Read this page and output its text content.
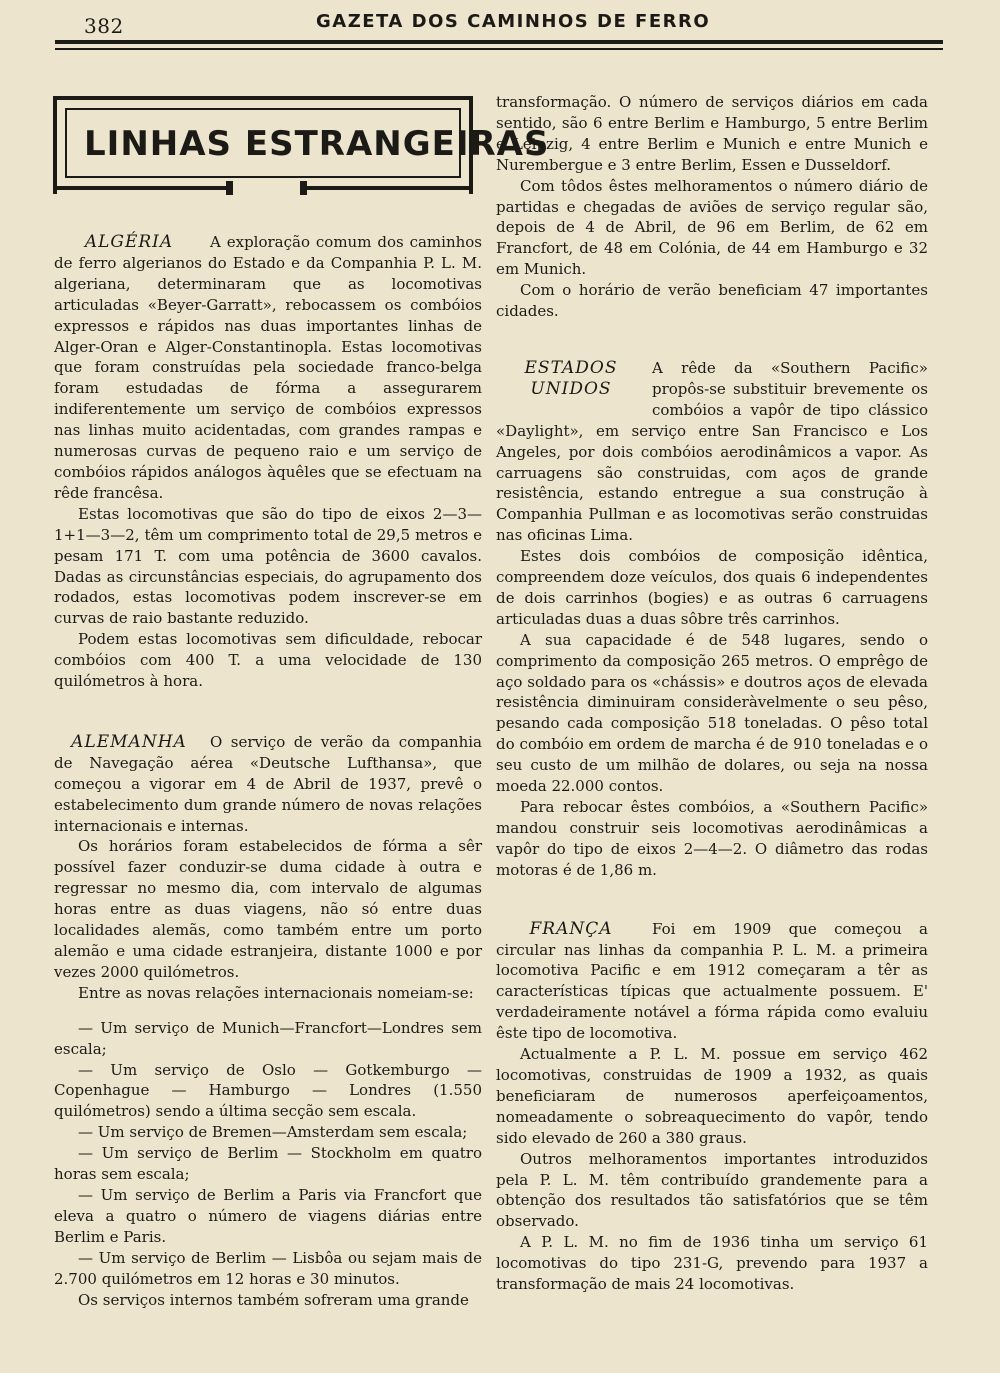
382	GAZETA DOS CAMINHOS DE FERRO
LINHAS ESTRANGEIRAS
ALGÉRIA	A exploração comum dos caminhos de ferro algerianos do Estado e da Companhia P. L. M. algeriana, determinaram que as locomotivas articuladas «Beyer-Garratt», rebocassem os combóios expressos e rápidos nas duas importantes linhas de Alger-Oran e Alger-Constantinopla. Estas locomotivas que foram construídas pela sociedade franco-belga foram estudadas de fórma a assegurarem indiferentemente um serviço de combóios expressos nas linhas muito acidentadas, com grandes rampas e numerosas curvas de pequeno raio e um serviço de combóios rápidos análogos àquêles que se efectuam na rêde francêsa.

Estas locomotivas que são do tipo de eixos 2—3—1+1—3—2, têm um comprimento total de 29,5 metros e pesam 171 T. com uma potência de 3600 cavalos. Dadas as circunstâncias especiais, do agrupamento dos rodados, estas locomotivas podem inscrever-se em curvas de raio bastante reduzido.

Podem estas locomotivas sem dificuldade, rebocar combóios com 400 T. a uma velocidade de 130 quilómetros à hora.

ALEMANHA	O serviço de verão da companhia de Navegação aérea «Deutsche Lufthansa», que começou a vigorar em 4 de Abril de 1937, prevê o estabelecimento dum grande número de novas relações internacionais e internas.

Os horários foram estabelecidos de fórma a sêr possível fazer conduzir-se duma cidade à outra e regressar no mesmo dia, com intervalo de algumas horas entre as duas viagens, não só entre duas localidades alemãs, como também entre um porto alemão e uma cidade estranjeira, distante 1000 e por vezes 2000 quilómetros.

Entre as novas relações internacionais nomeiam-se:

— Um serviço de Munich—Francfort—Londres sem escala;

— Um serviço de Oslo — Gotkemburgo — Copenhague — Hamburgo — Londres (1.550 quilómetros) sendo a última secção sem escala.

— Um serviço de Bremen—Amsterdam sem escala;

— Um serviço de Berlim — Stockholm em quatro horas sem escala;

— Um serviço de Berlim a Paris via Francfort que eleva a quatro o número de viagens diárias entre Berlim e Paris.

— Um serviço de Berlim — Lisbôa ou sejam mais de 2.700 quilómetros em 12 horas e 30 minutos.

Os serviços internos também sofreram uma grande

transformação. O número de serviços diários em cada sentido, são 6 entre Berlim e Hamburgo, 5 entre Berlim e Leipzig, 4 entre Berlim e Munich e entre Munich e Nurembergue e 3 entre Berlim, Essen e Dusseldorf.

Com tôdos êstes melhoramentos o número diário de partidas e chegadas de aviões de serviço regular são, depois de 4 de Abril, de 96 em Berlim, de 62 em Francfort, de 48 em Colónia, de 44 em Hamburgo e 32 em Munich.

Com o horário de verão beneficiam 47 importantes cidades.

ESTADOS
UNIDOS

A rêde da «Southern Pacific» propôs-se substituir brevemente os combóios a vapôr de tipo clássico «Daylight», em serviço entre San Francisco e Los Angeles, por dois combóios aerodinâmicos a vapor. As carruagens são construidas, com aços de grande resistência, estando entregue a sua construção à Companhia Pullman e as locomotivas serão construidas nas oficinas Lima.

Estes dois combóios de composição idêntica, compreendem doze veículos, dos quais 6 independentes de dois carrinhos (bogies) e as outras 6 carruagens articuladas duas a duas sôbre três carrinhos.

A sua capacidade é de 548 lugares, sendo o comprimento da composição 265 metros. O emprêgo de aço soldado para os «chássis» e doutros aços de elevada resistência diminuiram consideràvelmente o seu pêso, pesando cada composição 518 toneladas. O pêso total do combóio em ordem de marcha é de 910 toneladas e o seu custo de um milhão de dolares, ou seja na nossa moeda 22.000 contos.

Para rebocar êstes combóios, a «Southern Pacific» mandou construir seis locomotivas aerodinâmicas a vapôr do tipo de eixos 2—4—2. O diâmetro das rodas motoras é de 1,86 m.

FRANÇA	Foi em 1909 que começou a circular nas linhas da companhia P. L. M. a primeira locomotiva Pacific e em 1912 começaram a têr as características típicas que actualmente possuem. E' verdadeiramente notável a fórma rápida como evaluiu êste tipo de locomotiva.

Actualmente a P. L. M. possue em serviço 462 locomotivas, construidas de 1909 a 1932, as quais beneficiaram de numerosos aperfeiçoamentos, nomeadamente o sobreaquecimento do vapôr, tendo sido elevado de 260 a 380 graus.

Outros melhoramentos importantes introduzidos pela P. L. M. têm contribuído grandemente para a obtenção dos resultados tão satisfatórios que se têm observado.

A P. L. M. no fim de 1936 tinha um serviço 61 locomotivas do tipo 231-G, prevendo para 1937 a transformação de mais 24 locomotivas.
